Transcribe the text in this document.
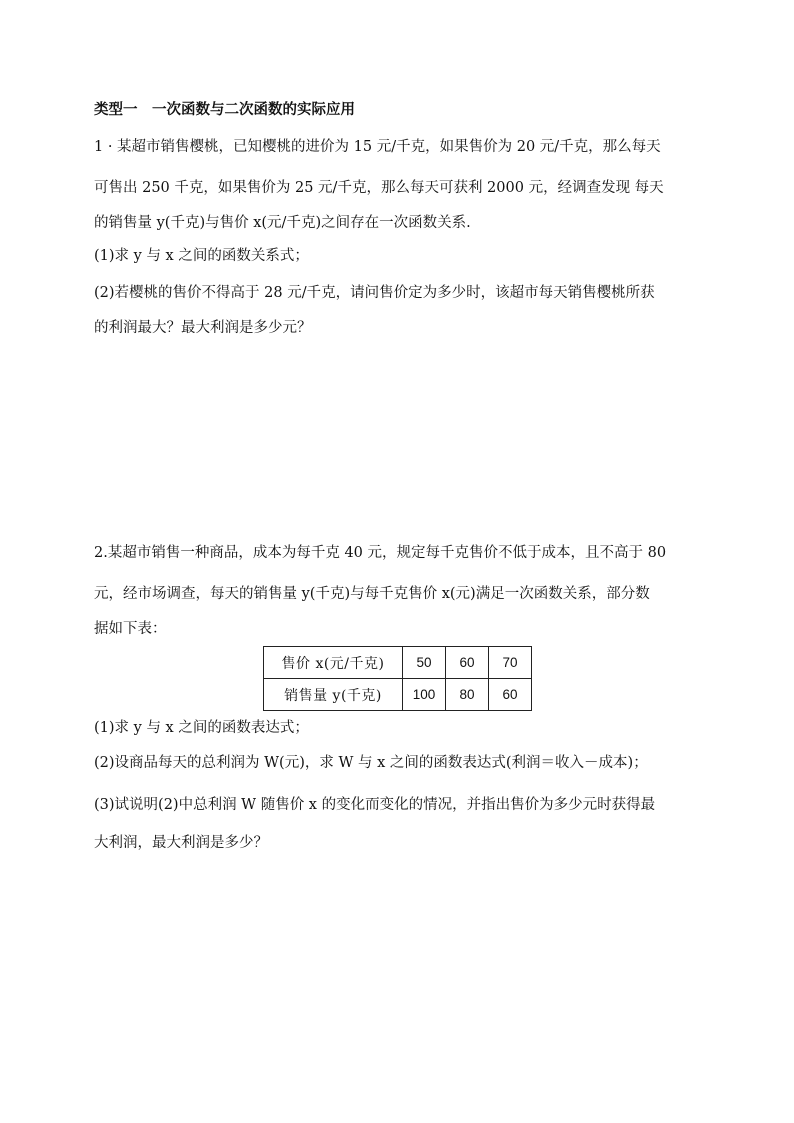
类型一　一次函数与二次函数的实际应用

1 · 某超市销售樱桃，已知樱桃的进价为 15 元/千克，如果售价为 20 元/千克，那么每天

可售出 250 千克，如果售价为 25 元/千克，那么每天可获利 2000 元，经调查发现 每天

的销售量 y(千克)与售价 x(元/千克)之间存在一次函数关系.

(1)求 y 与 x 之间的函数关系式；

(2)若樱桃的售价不得高于 28 元/千克，请问售价定为多少时，该超市每天销售樱桃所获

的利润最大？最大利润是多少元？

2.某超市销售一种商品，成本为每千克 40 元，规定每千克售价不低于成本，且不高于 80

元，经市场调查，每天的销售量 y(千克)与每千克售价 x(元)满足一次函数关系，部分数

据如下表：

售价 x(元/千克)	50	60	70
销售量 y(千克)	100	80	60

(1)求 y 与 x 之间的函数表达式；

(2)设商品每天的总利润为 W(元)，求 W 与 x 之间的函数表达式(利润＝收入－成本)；

(3)试说明(2)中总利润 W 随售价 x 的变化而变化的情况，并指出售价为多少元时获得最

大利润，最大利润是多少？
